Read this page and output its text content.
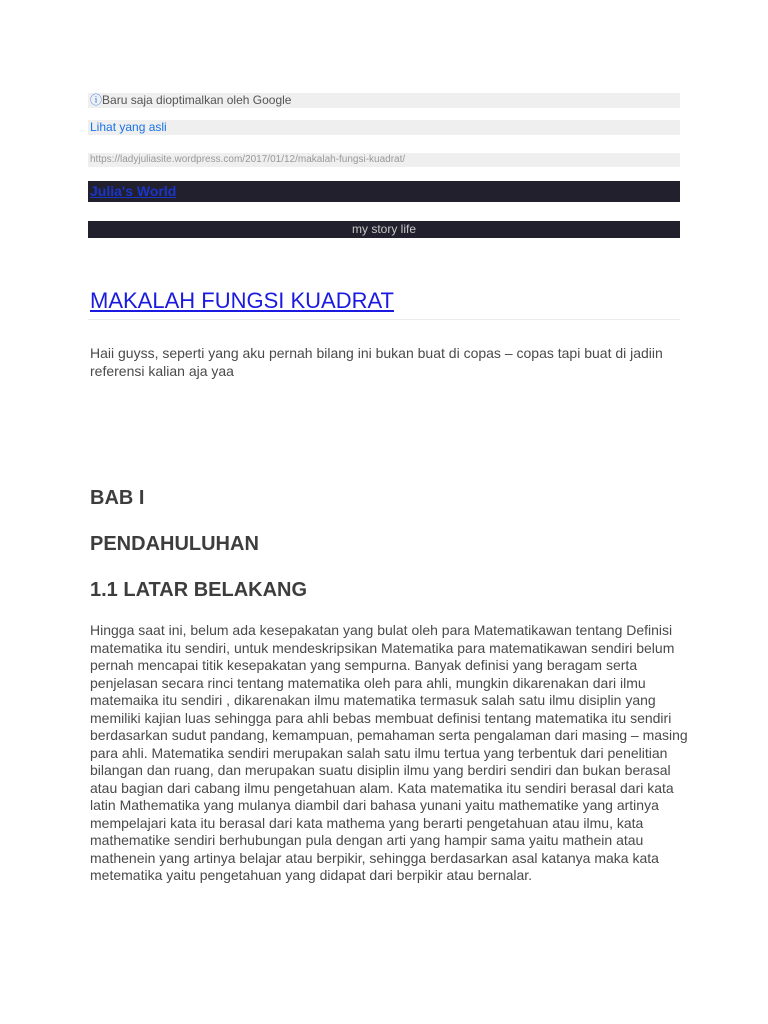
ⓘBaru saja dioptimalkan oleh Google
Lihat yang asli
https://ladyjuliasite.wordpress.com/2017/01/12/makalah-fungsi-kuadrat/
Julia's World
my story life
MAKALAH FUNGSI KUADRAT

Haii guyss, seperti yang aku pernah bilang ini bukan buat di copas – copas tapi buat di jadiin referensi kalian aja yaa

BAB I
PENDAHULUHAN
1.1 LATAR BELAKANG

Hingga saat ini, belum ada kesepakatan yang bulat oleh para Matematikawan tentang Definisi matematika itu sendiri, untuk mendeskripsikan Matematika para matematikawan sendiri belum pernah mencapai titik kesepakatan yang sempurna. Banyak definisi yang beragam serta penjelasan secara rinci tentang matematika oleh para ahli, mungkin dikarenakan dari ilmu matemaika itu sendiri , dikarenakan ilmu matematika termasuk salah satu ilmu disiplin yang memiliki kajian luas sehingga para ahli bebas membuat definisi tentang matematika itu sendiri berdasarkan sudut pandang, kemampuan, pemahaman serta pengalaman dari masing – masing para ahli. Matematika sendiri merupakan salah satu ilmu tertua yang terbentuk dari penelitian bilangan dan ruang, dan merupakan suatu disiplin ilmu yang berdiri sendiri dan bukan berasal atau bagian dari cabang ilmu pengetahuan alam. Kata matematika itu sendiri berasal dari kata latin Mathematika yang mulanya diambil dari bahasa yunani yaitu mathematike yang artinya mempelajari kata itu berasal dari kata mathema yang berarti pengetahuan atau ilmu, kata mathematike sendiri berhubungan pula dengan arti yang hampir sama yaitu mathein atau mathenein yang artinya belajar atau berpikir, sehingga berdasarkan asal katanya maka kata metematika yaitu pengetahuan yang didapat dari berpikir atau bernalar.
